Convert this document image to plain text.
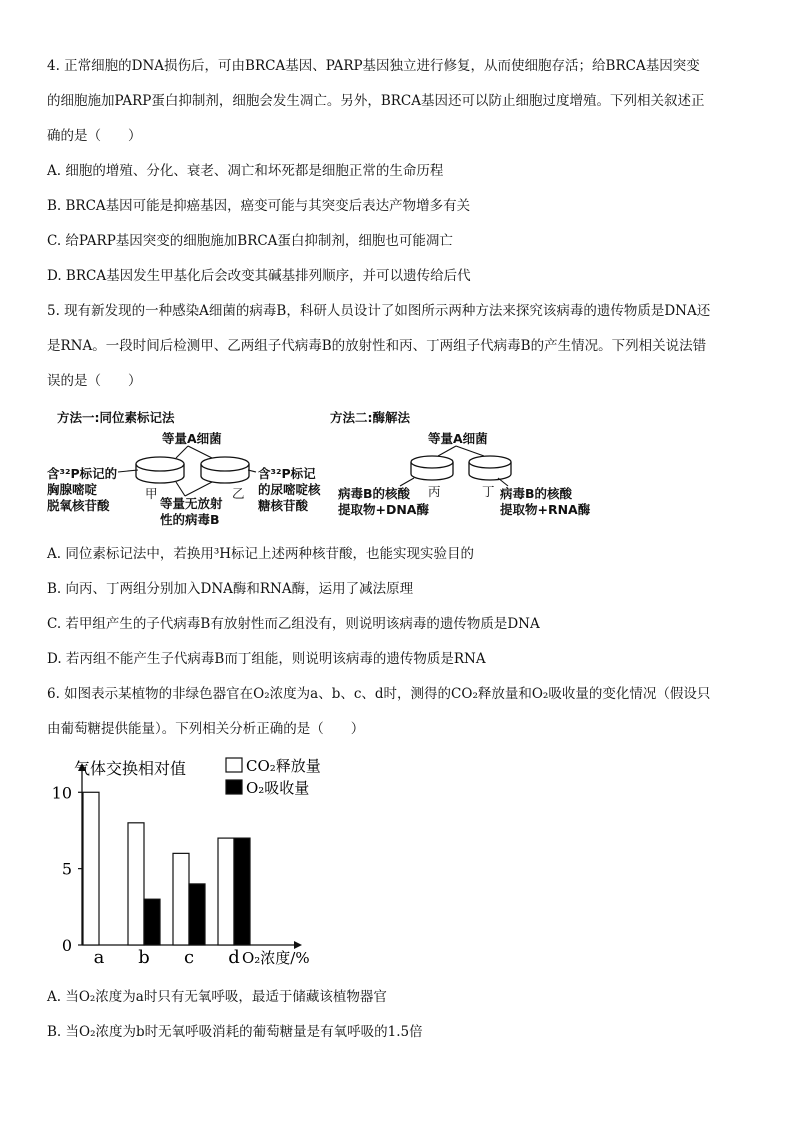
4. 正常细胞的DNA损伤后，可由BRCA基因、PARP基因独立进行修复，从而使细胞存活；给BRCA基因突变
的细胞施加PARP蛋白抑制剂，细胞会发生凋亡。另外，BRCA基因还可以防止细胞过度增殖。下列相关叙述正
确的是（　　）
A. 细胞的增殖、分化、衰老、凋亡和坏死都是细胞正常的生命历程
B. BRCA基因可能是抑癌基因，癌变可能与其突变后表达产物增多有关
C. 给PARP基因突变的细胞施加BRCA蛋白抑制剂，细胞也可能凋亡
D. BRCA基因发生甲基化后会改变其碱基排列顺序，并可以遗传给后代
5. 现有新发现的一种感染A细菌的病毒B，科研人员设计了如图所示两种方法来探究该病毒的遗传物质是DNA还
是RNA。一段时间后检测甲、乙两组子代病毒B的放射性和丙、丁两组子代病毒B的产生情况。下列相关说法错
误的是（　　）
方法一:同位素标记法	方法二:酶解法
等量A细菌	等量A细菌
含³²P标记的
胸腺嘧啶
脱氧核苷酸
含³²P标记
的尿嘧啶核
糖核苷酸
甲	乙
等量无放射
性的病毒B
丙	丁
病毒B的核酸
提取物+DNA酶
病毒B的核酸
提取物+RNA酶
A. 同位素标记法中，若换用³H标记上述两种核苷酸，也能实现实验目的
B. 向丙、丁两组分别加入DNA酶和RNA酶，运用了减法原理
C. 若甲组产生的子代病毒B有放射性而乙组没有，则说明该病毒的遗传物质是DNA
D. 若丙组不能产生子代病毒B而丁组能，则说明该病毒的遗传物质是RNA
6. 如图表示某植物的非绿色器官在O₂浓度为a、b、c、d时，测得的CO₂释放量和O₂吸收量的变化情况（假设只
由葡萄糖提供能量）。下列相关分析正确的是（　　）
0
5
10
a b c d
CO₂释放量
O₂吸收量
气体交换相对值
O₂浓度/%
A. 当O₂浓度为a时只有无氧呼吸，最适于储藏该植物器官
B. 当O₂浓度为b时无氧呼吸消耗的葡萄糖量是有氧呼吸的1.5倍
